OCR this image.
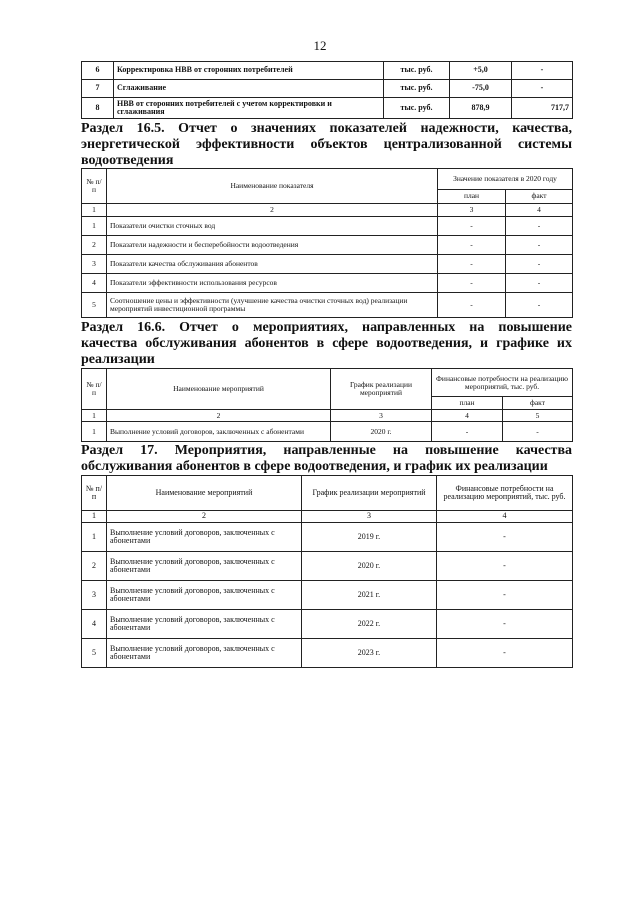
12
6	Корректировка НВВ от сторонних потребителей	тыс. руб.	+5,0	-
7	Сглаживание	тыс. руб.	-75,0	-
8	НВВ от сторонних потребителей с учетом корректировки и сглаживания	тыс. руб.	878,9	717,7
Раздел 16.5. Отчет о значениях показателей надежности, качества,
энергетической эффективности объектов централизованной системы
водоотведения
№ п/п	Наименование показателя	Значение показателя в 2020 году	
		план	факт
1	2	3	4
1	Показатели очистки сточных вод	-	-
2	Показатели надежности и бесперебойности водоотведения	-	-
3	Показатели качества обслуживания абонентов	-	-
4	Показатели эффективности использования ресурсов	-	-
5	Соотношение цены и эффективности (улучшение качества очистки сточных вод) реализации мероприятий инвестиционной программы	-	-
Раздел 16.6. Отчет о мероприятиях, направленных на повышение
качества обслуживания абонентов в сфере водоотведения, и графике их
реализации
№ п/п	Наименование мероприятий	График реализации мероприятий	Финансовые потребности на реализацию мероприятий, тыс. руб.	
			план	факт
1	2	3	4	5
1	Выполнение условий договоров, заключенных с абонентами	2020 г.	-	-
Раздел 17. Мероприятия, направленные на повышение качества
обслуживания абонентов в сфере водоотведения, и график их реализации
№ п/п	Наименование мероприятий	График реализации мероприятий	Финансовые потребности на реализацию мероприятий, тыс. руб.
1	2	3	4
1	Выполнение условий договоров, заключенных с абонентами	2019 г.	-
2	Выполнение условий договоров, заключенных с абонентами	2020 г.	-
3	Выполнение условий договоров, заключенных с абонентами	2021 г.	-
4	Выполнение условий договоров, заключенных с абонентами	2022 г.	-
5	Выполнение условий договоров, заключенных с абонентами	2023 г.	-
